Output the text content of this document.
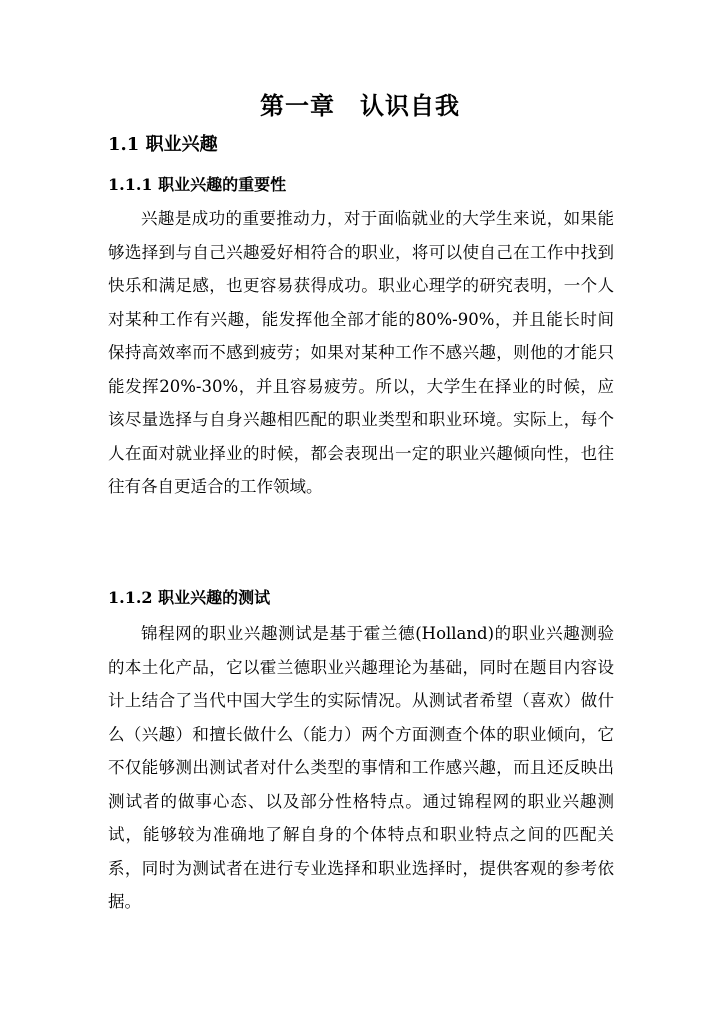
第一章　认识自我
1.1 职业兴趣
1.1.1 职业兴趣的重要性

兴趣是成功的重要推动力，对于面临就业的大学生来说，如果能够选择到与自己兴趣爱好相符合的职业，将可以使自己在工作中找到快乐和满足感，也更容易获得成功。职业心理学的研究表明，一个人对某种工作有兴趣，能发挥他全部才能的80%-90%，并且能长时间保持高效率而不感到疲劳；如果对某种工作不感兴趣，则他的才能只能发挥20%-30%，并且容易疲劳。所以，大学生在择业的时候，应该尽量选择与自身兴趣相匹配的职业类型和职业环境。实际上，每个人在面对就业择业的时候，都会表现出一定的职业兴趣倾向性，也往往有各自更适合的工作领域。

1.1.2 职业兴趣的测试

锦程网的职业兴趣测试是基于霍兰德(Holland)的职业兴趣测验的本土化产品，它以霍兰德职业兴趣理论为基础，同时在题目内容设计上结合了当代中国大学生的实际情况。从测试者希望（喜欢）做什么（兴趣）和擅长做什么（能力）两个方面测查个体的职业倾向，它不仅能够测出测试者对什么类型的事情和工作感兴趣，而且还反映出测试者的做事心态、以及部分性格特点。通过锦程网的职业兴趣测试，能够较为准确地了解自身的个体特点和职业特点之间的匹配关系，同时为测试者在进行专业选择和职业选择时，提供客观的参考依据。
